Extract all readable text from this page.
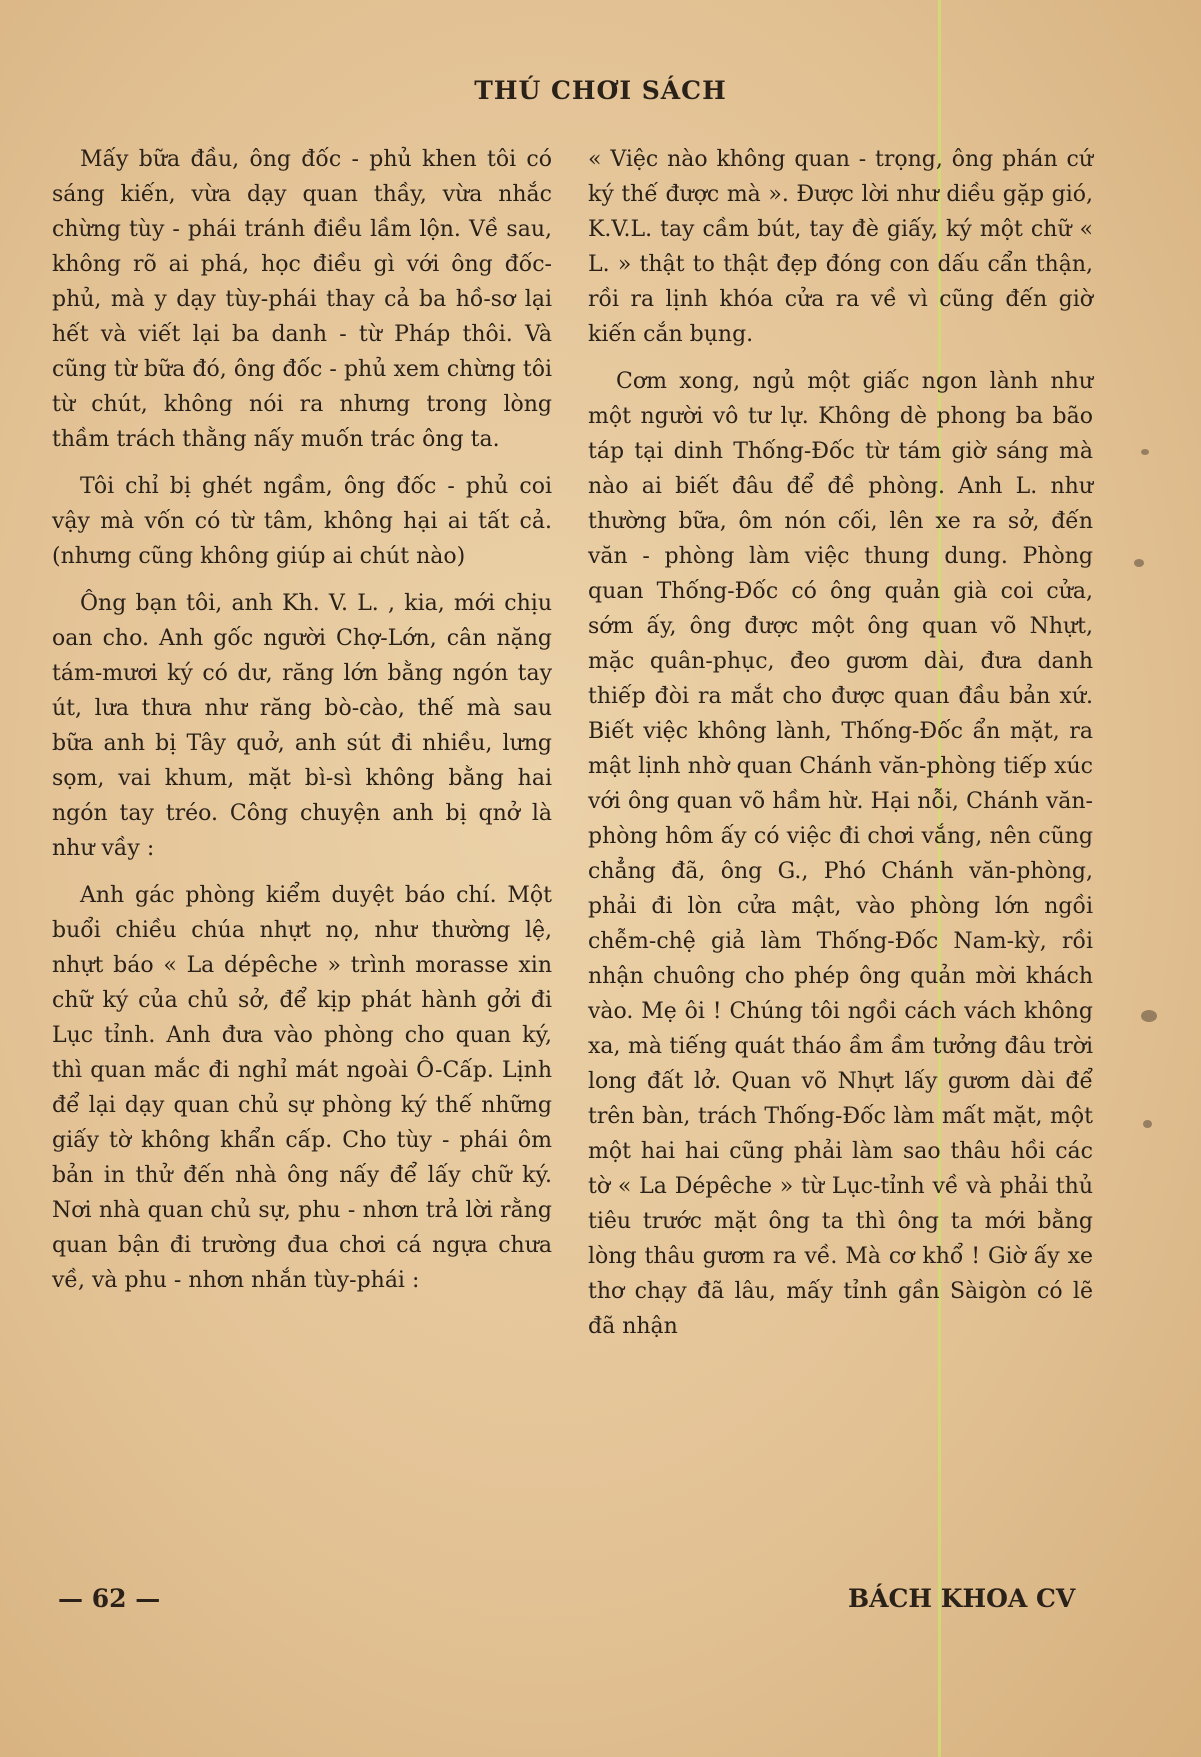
THÚ CHƠI SÁCH

Mấy bữa đầu, ông đốc - phủ khen tôi có sáng kiến, vừa dạy quan thầy, vừa nhắc chừng tùy - phái tránh điều lầm lộn. Về sau, không rõ ai phá, học điều gì với ông đốc-phủ, mà y dạy tùy-phái thay cả ba hồ-sơ lại hết và viết lại ba danh - từ Pháp thôi. Và cũng từ bữa đó, ông đốc - phủ xem chừng tôi từ chút, không nói ra nhưng trong lòng thầm trách thằng nấy muốn trác ông ta.

Tôi chỉ bị ghét ngầm, ông đốc - phủ coi vậy mà vốn có từ tâm, không hại ai tất cả. (nhưng cũng không giúp ai chút nào)

Ông bạn tôi, anh Kh. V. L. , kia, mới chịu oan cho. Anh gốc người Chợ-Lớn, cân nặng tám-mươi ký có dư, răng lớn bằng ngón tay út, lưa thưa như răng bò-cào, thế mà sau bữa anh bị Tây quở, anh sút đi nhiều, lưng sọm, vai khum, mặt bì-sì không bằng hai ngón tay tréo. Công chuyện anh bị qnở là như vầy :

Anh gác phòng kiểm duyệt báo chí. Một buổi chiều chúa nhựt nọ, như thường lệ, nhựt báo « La dépêche » trình morasse xin chữ ký của chủ sở, để kịp phát hành gởi đi Lục tỉnh. Anh đưa vào phòng cho quan ký, thì quan mắc đi nghỉ mát ngoài Ô-Cấp. Lịnh để lại dạy quan chủ sự phòng ký thế những giấy tờ không khẩn cấp. Cho tùy - phái ôm bản in thử đến nhà ông nấy để lấy chữ ký. Nơi nhà quan chủ sự, phu - nhơn trả lời rằng quan bận đi trường đua chơi cá ngựa chưa về, và phu - nhơn nhắn tùy-phái :

« Việc nào không quan - trọng, ông phán cứ ký thế được mà ». Được lời như diều gặp gió, K.V.L. tay cầm bút, tay đè giấy, ký một chữ « L. » thật to thật đẹp đóng con dấu cẩn thận, rồi ra lịnh khóa cửa ra về vì cũng đến giờ kiến cắn bụng.

Cơm xong, ngủ một giấc ngon lành như một người vô tư lự. Không dè phong ba bão táp tại dinh Thống-Đốc từ tám giờ sáng mà nào ai biết đâu để đề phòng. Anh L. như thường bữa, ôm nón cối, lên xe ra sở, đến văn - phòng làm việc thung dung. Phòng quan Thống-Đốc có ông quản già coi cửa, sớm ấy, ông được một ông quan võ Nhựt, mặc quân-phục, đeo gươm dài, đưa danh thiếp đòi ra mắt cho được quan đầu bản xứ. Biết việc không lành, Thống-Đốc ẩn mặt, ra mật lịnh nhờ quan Chánh văn-phòng tiếp xúc với ông quan võ hầm hừ. Hại nỗi, Chánh văn-phòng hôm ấy có việc đi chơi vắng, nên cũng chẳng đã, ông G., Phó Chánh văn-phòng, phải đi lòn cửa mật, vào phòng lớn ngồi chễm-chệ giả làm Thống-Đốc Nam-kỳ, rồi nhận chuông cho phép ông quản mời khách vào. Mẹ ôi ! Chúng tôi ngồi cách vách không xa, mà tiếng quát tháo ầm ầm tưởng đâu trời long đất lở. Quan võ Nhựt lấy gươm dài để trên bàn, trách Thống-Đốc làm mất mặt, một một hai hai cũng phải làm sao thâu hồi các tờ « La Dépêche » từ Lục-tỉnh về và phải thủ tiêu trước mặt ông ta thì ông ta mới bằng lòng thâu gươm ra về. Mà cơ khổ ! Giờ ấy xe thơ chạy đã lâu, mấy tỉnh gần Sàigòn có lẽ đã nhận

— 62 —	BÁCH KHOA CV
